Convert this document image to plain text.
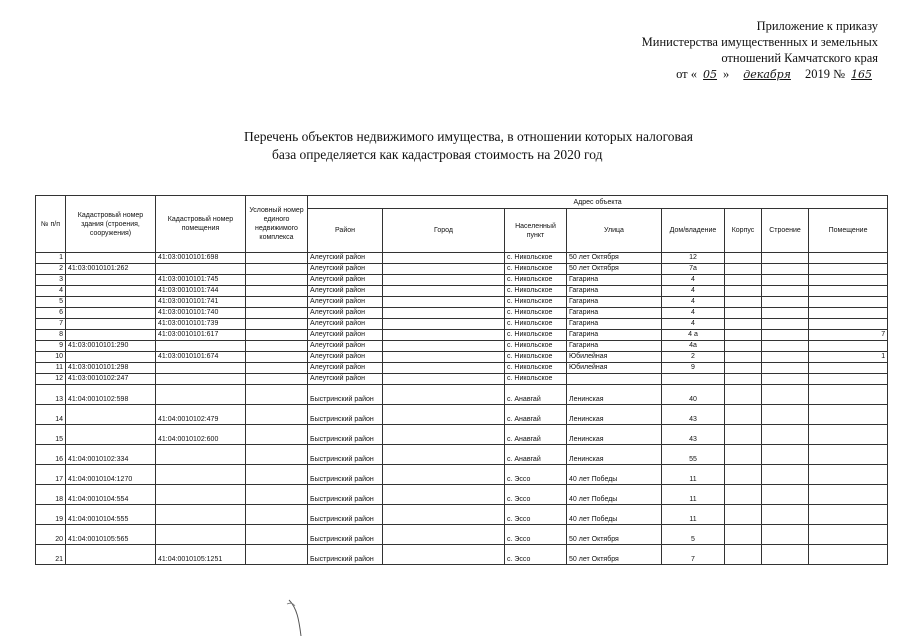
Приложение к приказу
Министерства имущественных и земельных
отношений Камчатского края
от « 05 » декабря 2019 № 165
Перечень объектов недвижимого имущества, в отношении которых налоговая
база определяется как кадастровая стоимость на 2020 год
№ п/п	Кадастровый номер здания (строения, сооружения)	Кадастровый номер помещения	Условный номер единого недвижимого комплекса	Адрес объекта							
				Район	Город	Населенный пункт	Улица	Дом/владение	Корпус	Строение	Помещение
1		41:03:0010101:698		Алеутский район		с. Никольское	50 лет Октября	12			
2	41:03:0010101:262			Алеутский район		с. Никольское	50 лет Октября	7а			
3		41:03:0010101:745		Алеутский район		с. Никольское	Гагарина	4			
4		41:03:0010101:744		Алеутский район		с. Никольское	Гагарина	4			
5		41:03:0010101:741		Алеутский район		с. Никольское	Гагарина	4			
6		41:03:0010101:740		Алеутский район		с. Никольское	Гагарина	4			
7		41:03:0010101:739		Алеутский район		с. Никольское	Гагарина	4			
8		41:03:0010101:617		Алеутский район		с. Никольское	Гагарина	4 а			7
9	41:03:0010101:290			Алеутский район		с. Никольское	Гагарина	4а			
10		41:03:0010101:674		Алеутский район		с. Никольское	Юбилейная	2			1
11	41:03:0010101:298			Алеутский район		с. Никольское	Юбилейная	9			
12	41:03:0010102:247			Алеутский район		с. Никольское					
13	41:04:0010102:598			Быстринский район		с. Анавгай	Ленинская	40			
14		41:04:0010102:479		Быстринский район		с. Анавгай	Ленинская	43			
15		41:04:0010102:600		Быстринский район		с. Анавгай	Ленинская	43			
16	41:04:0010102:334			Быстринский район		с. Анавгай	Ленинская	55			
17	41:04:0010104:1270			Быстринский район		с. Эссо	40 лет Победы	11			
18	41:04:0010104:554			Быстринский район		с. Эссо	40 лет Победы	11			
19	41:04:0010104:555			Быстринский район		с. Эссо	40 лет Победы	11			
20	41:04:0010105:565			Быстринский район		с. Эссо	50 лет Октября	5			
21		41:04:0010105:1251		Быстринский район		с. Эссо	50 лет Октября	7			
